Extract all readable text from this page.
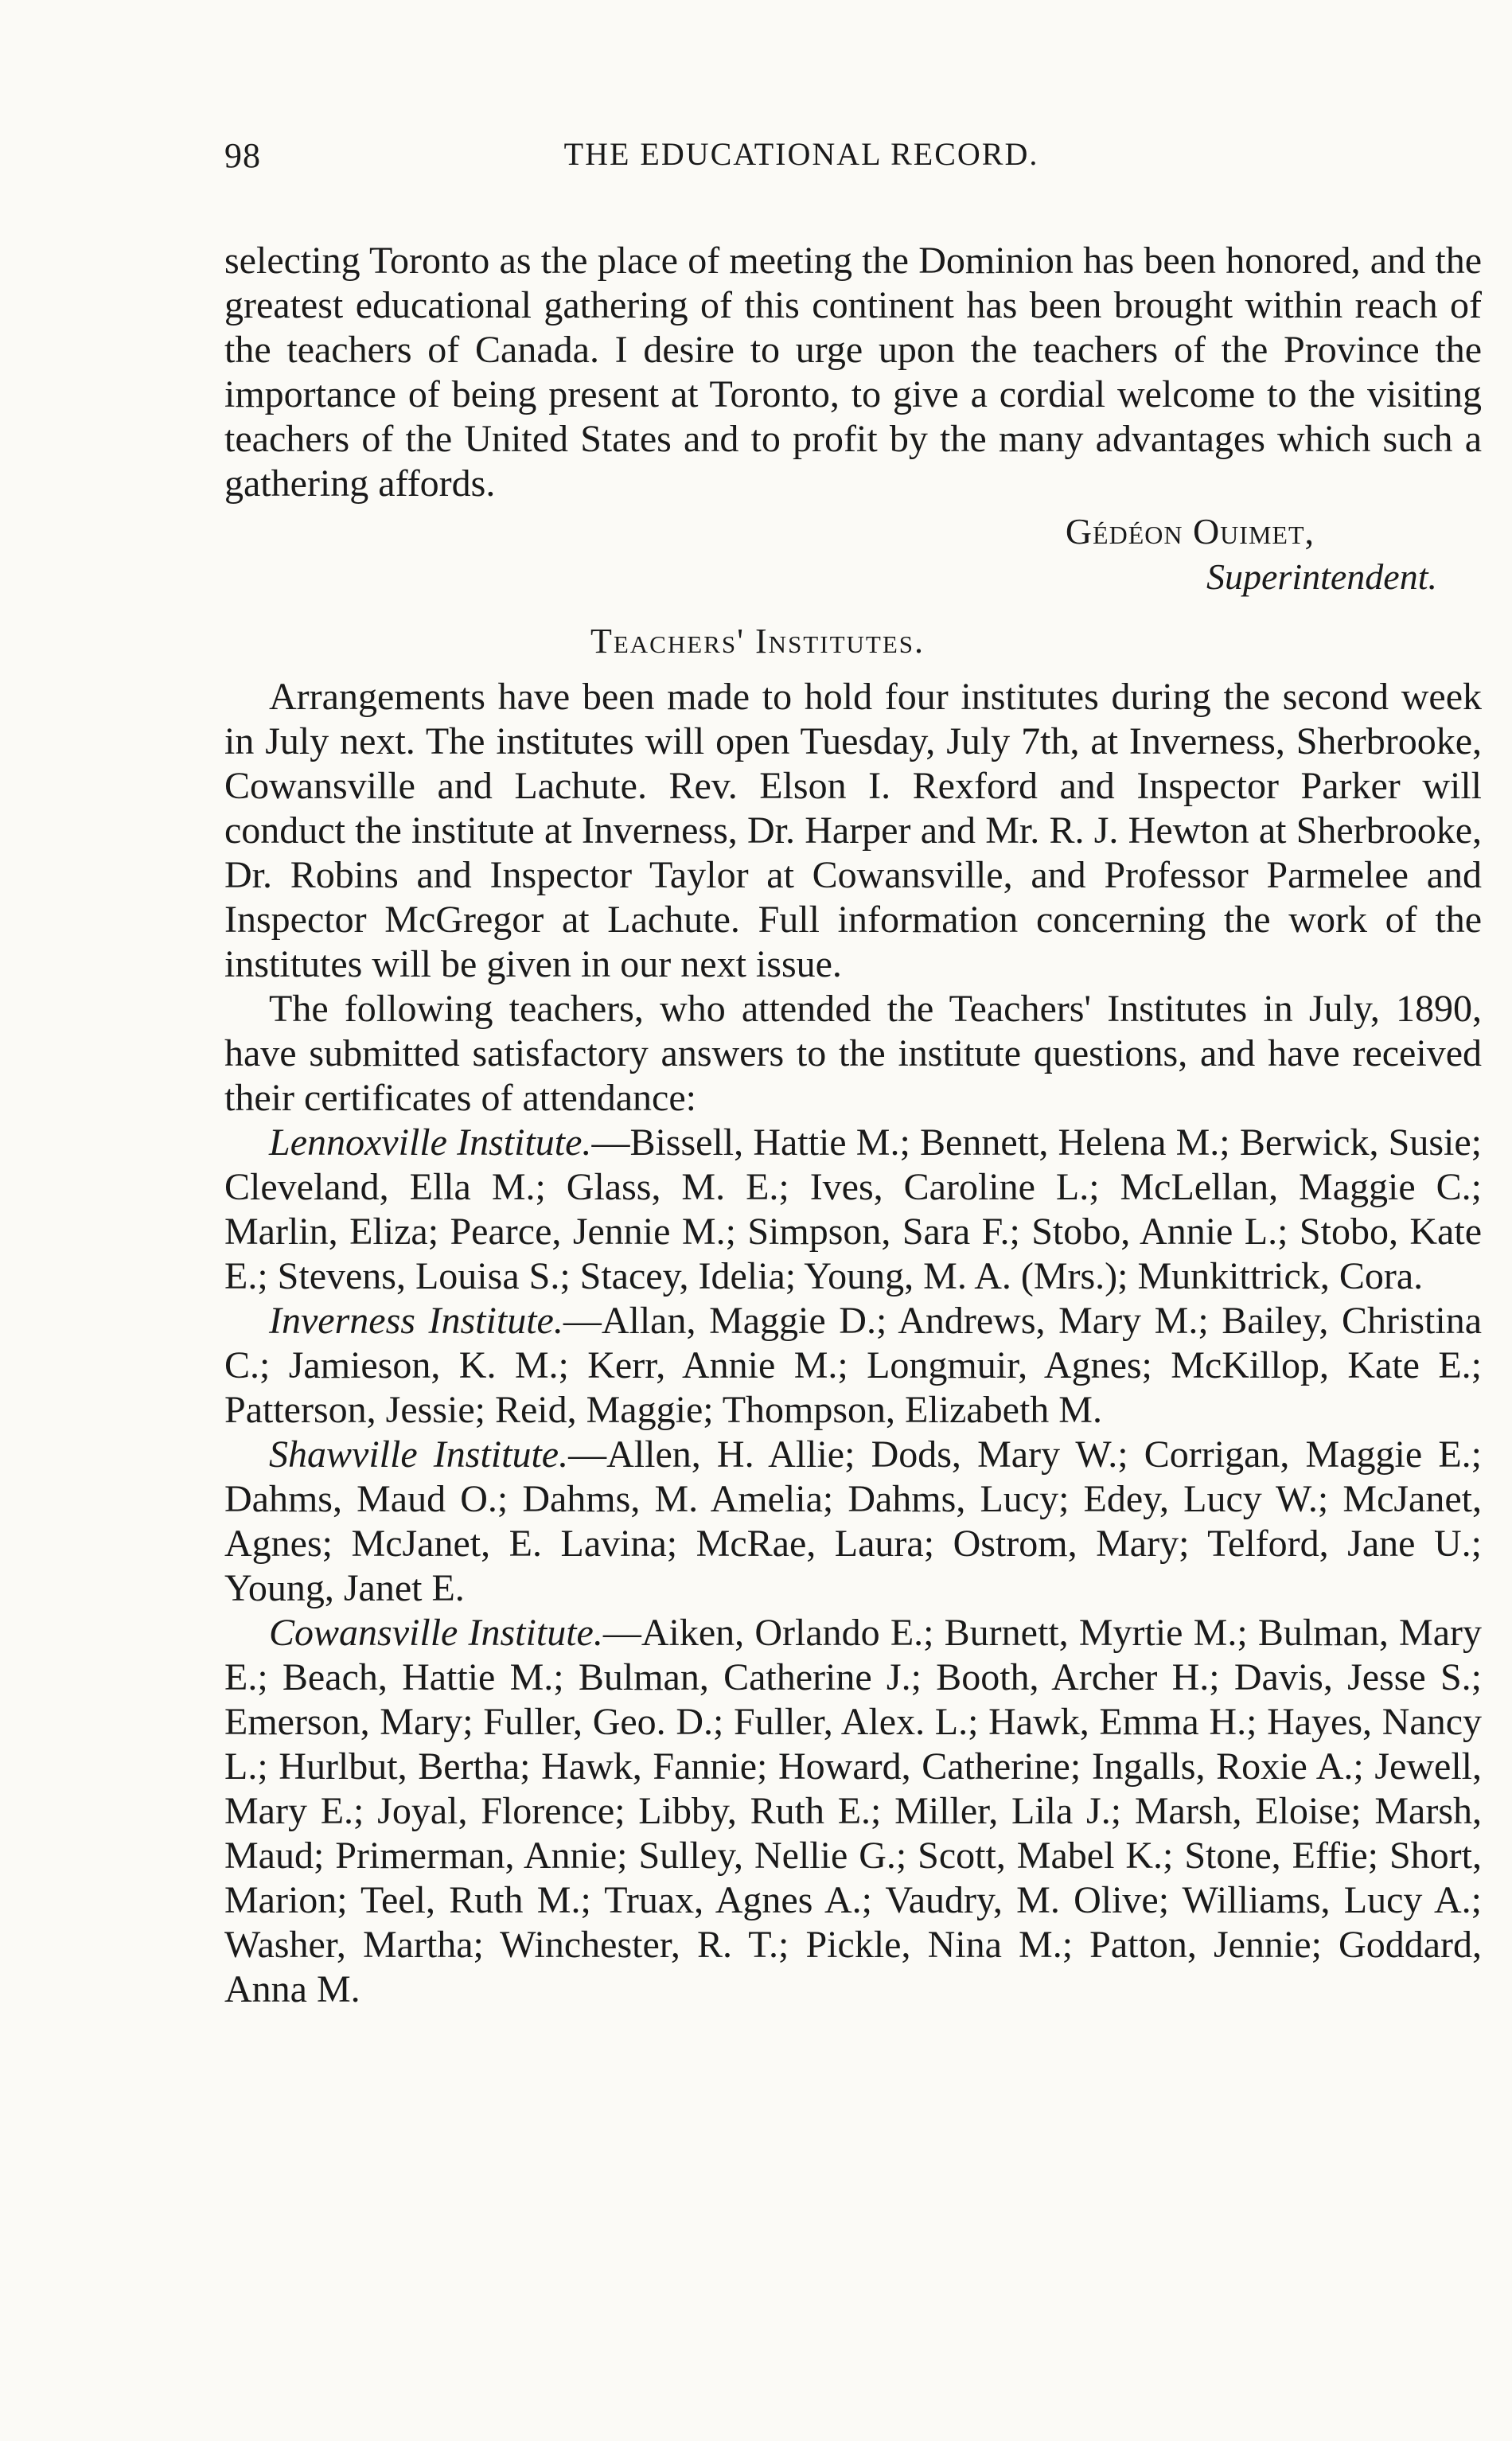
98	THE EDUCATIONAL RECORD.

selecting Toronto as the place of meeting the Dominion has been honored, and the greatest educational gathering of this continent has been brought within reach of the teachers of Canada. I desire to urge upon the teachers of the Province the importance of being present at Toronto, to give a cordial welcome to the visiting teachers of the United States and to profit by the many advantages which such a gathering affords.

Gédéon Ouimet,
Superintendent.
Teachers' Institutes.

Arrangements have been made to hold four institutes during the second week in July next. The institutes will open Tuesday, July 7th, at Inverness, Sherbrooke, Cowansville and Lachute. Rev. Elson I. Rexford and Inspector Parker will conduct the institute at Inverness, Dr. Harper and Mr. R. J. Hewton at Sherbrooke, Dr. Robins and Inspector Taylor at Cowansville, and Professor Parmelee and Inspector McGregor at Lachute. Full information concerning the work of the institutes will be given in our next issue.

The following teachers, who attended the Teachers' Institutes in July, 1890, have submitted satisfactory answers to the institute questions, and have received their certificates of attendance:

Lennoxville Institute.—Bissell, Hattie M.; Bennett, Helena M.; Berwick, Susie; Cleveland, Ella M.; Glass, M. E.; Ives, Caroline L.; McLellan, Maggie C.; Marlin, Eliza; Pearce, Jennie M.; Simpson, Sara F.; Stobo, Annie L.; Stobo, Kate E.; Stevens, Louisa S.; Stacey, Idelia; Young, M. A. (Mrs.); Munkittrick, Cora.

Inverness Institute.—Allan, Maggie D.; Andrews, Mary M.; Bailey, Christina C.; Jamieson, K. M.; Kerr, Annie M.; Longmuir, Agnes; McKillop, Kate E.; Patterson, Jessie; Reid, Maggie; Thompson, Elizabeth M.

Shawville Institute.—Allen, H. Allie; Dods, Mary W.; Corrigan, Maggie E.; Dahms, Maud O.; Dahms, M. Amelia; Dahms, Lucy; Edey, Lucy W.; McJanet, Agnes; McJanet, E. Lavina; McRae, Laura; Ostrom, Mary; Telford, Jane U.; Young, Janet E.

Cowansville Institute.—Aiken, Orlando E.; Burnett, Myrtie M.; Bulman, Mary E.; Beach, Hattie M.; Bulman, Catherine J.; Booth, Archer H.; Davis, Jesse S.; Emerson, Mary; Fuller, Geo. D.; Fuller, Alex. L.; Hawk, Emma H.; Hayes, Nancy L.; Hurlbut, Bertha; Hawk, Fannie; Howard, Catherine; Ingalls, Roxie A.; Jewell, Mary E.; Joyal, Florence; Libby, Ruth E.; Miller, Lila J.; Marsh, Eloise; Marsh, Maud; Primerman, Annie; Sulley, Nellie G.; Scott, Mabel K.; Stone, Effie; Short, Marion; Teel, Ruth M.; Truax, Agnes A.; Vaudry, M. Olive; Williams, Lucy A.; Washer, Martha; Winchester, R. T.; Pickle, Nina M.; Patton, Jennie; Goddard, Anna M.
